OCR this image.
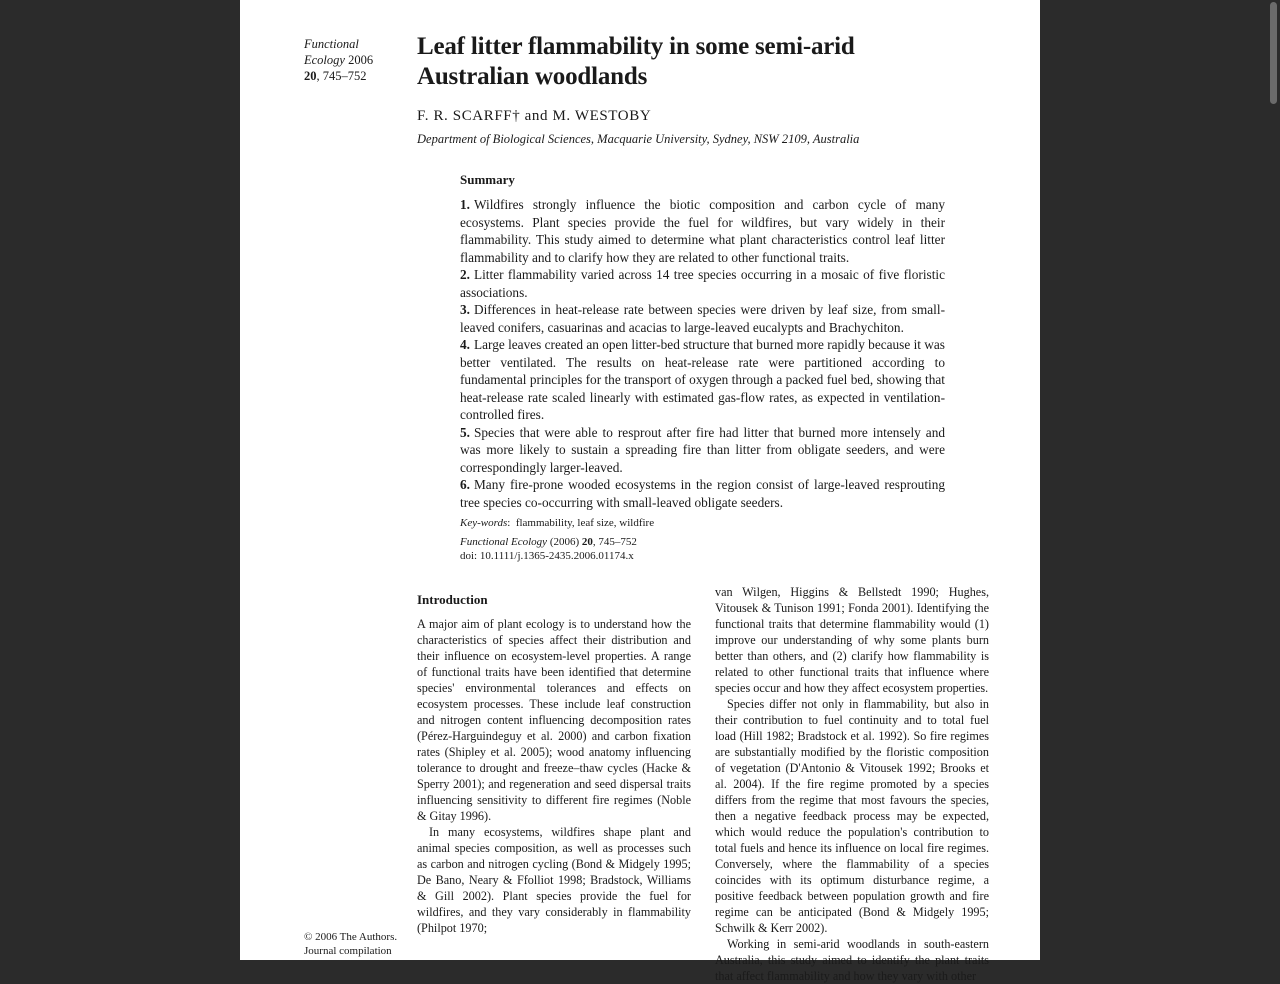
Functional
Ecology 2006
20, 745–752
Leaf litter flammability in some semi-arid Australian woodlands
F. R. SCARFF† and M. WESTOBY
Department of Biological Sciences, Macquarie University, Sydney, NSW 2109, Australia
Summary

1. Wildfires strongly influence the biotic composition and carbon cycle of many ecosystems. Plant species provide the fuel for wildfires, but vary widely in their flammability. This study aimed to determine what plant characteristics control leaf litter flammability and to clarify how they are related to other functional traits.

2. Litter flammability varied across 14 tree species occurring in a mosaic of five floristic associations.

3. Differences in heat-release rate between species were driven by leaf size, from small-leaved conifers, casuarinas and acacias to large-leaved eucalypts and Brachychiton.

4. Large leaves created an open litter-bed structure that burned more rapidly because it was better ventilated. The results on heat-release rate were partitioned according to fundamental principles for the transport of oxygen through a packed fuel bed, showing that heat-release rate scaled linearly with estimated gas-flow rates, as expected in ventilation-controlled fires.

5. Species that were able to resprout after fire had litter that burned more intensely and was more likely to sustain a spreading fire than litter from obligate seeders, and were correspondingly larger-leaved.

6. Many fire-prone wooded ecosystems in the region consist of large-leaved resprouting tree species co-occurring with small-leaved obligate seeders.

Key-words:  flammability, leaf size, wildfire
Functional Ecology (2006) 20, 745–752
doi: 10.1111/j.1365-2435.2006.01174.x
Introduction

A major aim of plant ecology is to understand how the characteristics of species affect their distribution and their influence on ecosystem-level properties. A range of functional traits have been identified that determine species' environmental tolerances and effects on ecosystem processes. These include leaf construction and nitrogen content influencing decomposition rates (Pérez-Harguindeguy et al. 2000) and carbon fixation rates (Shipley et al. 2005); wood anatomy influencing tolerance to drought and freeze–thaw cycles (Hacke & Sperry 2001); and regeneration and seed dispersal traits influencing sensitivity to different fire regimes (Noble & Gitay 1996).

In many ecosystems, wildfires shape plant and animal species composition, as well as processes such as carbon and nitrogen cycling (Bond & Midgely 1995; De Bano, Neary & Ffolliot 1998; Bradstock, Williams & Gill 2002). Plant species provide the fuel for wildfires, and they vary considerably in flammability (Philpot 1970;

van Wilgen, Higgins & Bellstedt 1990; Hughes, Vitousek & Tunison 1991; Fonda 2001). Identifying the functional traits that determine flammability would (1) improve our understanding of why some plants burn better than others, and (2) clarify how flammability is related to other functional traits that influence where species occur and how they affect ecosystem properties.

Species differ not only in flammability, but also in their contribution to fuel continuity and to total fuel load (Hill 1982; Bradstock et al. 1992). So fire regimes are substantially modified by the floristic composition of vegetation (D'Antonio & Vitousek 1992; Brooks et al. 2004). If the fire regime promoted by a species differs from the regime that most favours the species, then a negative feedback process may be expected, which would reduce the population's contribution to total fuels and hence its influence on local fire regimes. Conversely, where the flammability of a species coincides with its optimum disturbance regime, a positive feedback between population growth and fire regime can be anticipated (Bond & Midgely 1995; Schwilk & Kerr 2002).

Working in semi-arid woodlands in south-eastern Australia, this study aimed to identify the plant traits that affect flammability and how they vary with other

© 2006 The Authors.
Journal compilation
